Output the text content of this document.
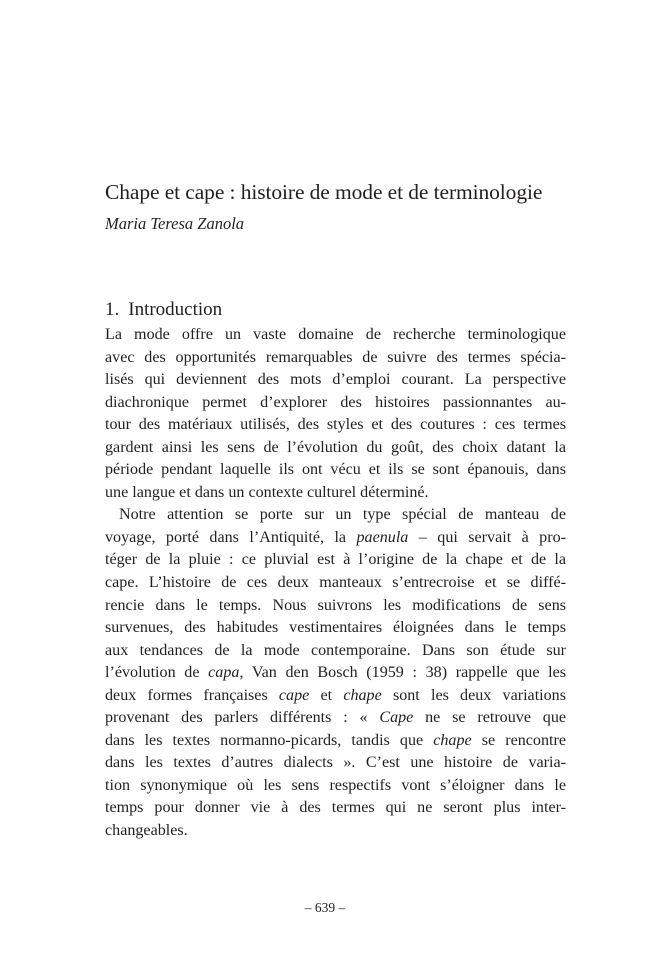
Chape et cape : histoire de mode et de terminologie
Maria Teresa Zanola
1. Introduction
La mode offre un vaste domaine de recherche terminologique
avec des opportunités remarquables de suivre des termes spécia-
lisés qui deviennent des mots d’emploi courant. La perspective
diachronique permet d’explorer des histoires passionnantes au-
tour des matériaux utilisés, des styles et des coutures : ces termes
gardent ainsi les sens de l’évolution du goût, des choix datant la
période pendant laquelle ils ont vécu et ils se sont épanouis, dans
une langue et dans un contexte culturel déterminé.
Notre attention se porte sur un type spécial de manteau de
voyage, porté dans l’Antiquité, la paenula – qui servait à pro-
téger de la pluie : ce pluvial est à l’origine de la chape et de la
cape. L’histoire de ces deux manteaux s’entrecroise et se diffé-
rencie dans le temps. Nous suivrons les modifications de sens
survenues, des habitudes vestimentaires éloignées dans le temps
aux tendances de la mode contemporaine. Dans son étude sur
l’évolution de capa, Van den Bosch (1959 : 38) rappelle que les
deux formes françaises cape et chape sont les deux variations
provenant des parlers différents : « Cape ne se retrouve que
dans les textes normanno-picards, tandis que chape se rencontre
dans les textes d’autres dialects ». C’est une histoire de varia-
tion synonymique où les sens respectifs vont s’éloigner dans le
temps pour donner vie à des termes qui ne seront plus inter-
changeables.
– 639 –
